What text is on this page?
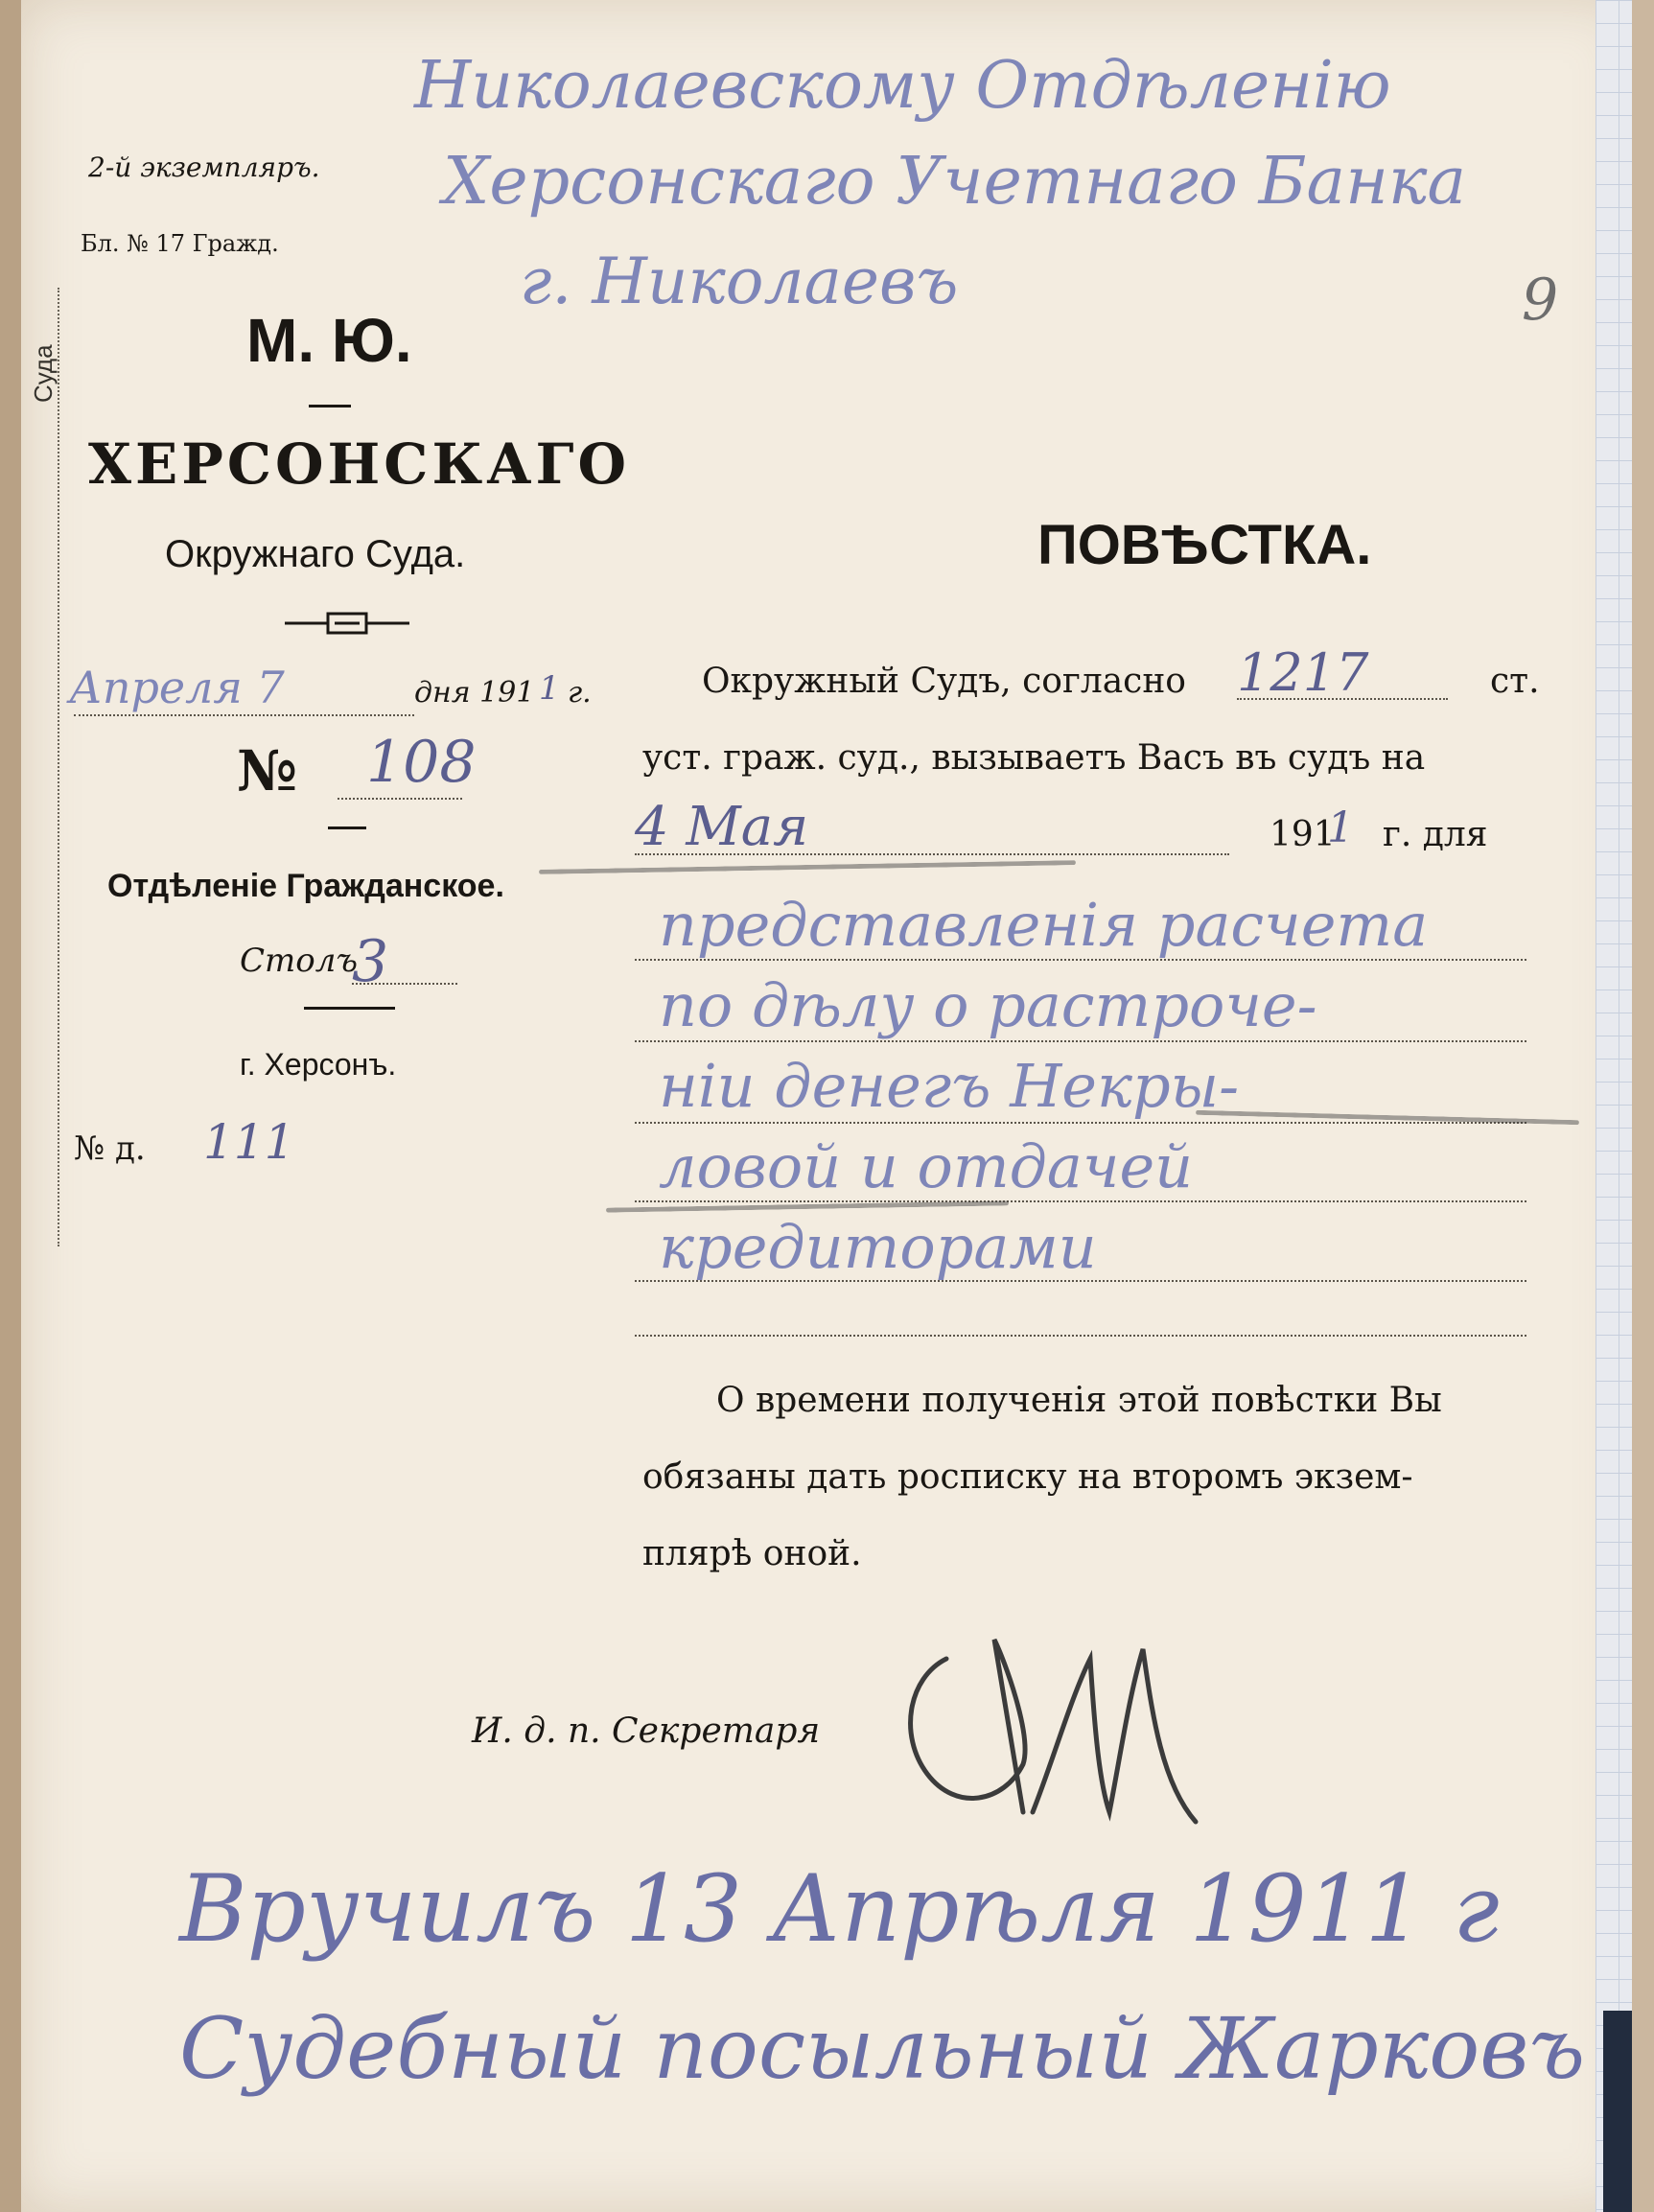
Суда
2-й экземпляръ.
Бл. № 17 Гражд.
М. Ю.
ХЕРСОНСКАГО
Окружнаго Суда.
Апреля 7	дня 191 1 г.
№ 108
Отдѣленіе Гражданское.
Столъ
3
г. Херсонъ.
№ д. 111
Николаевскому Отдѣленію
Херсонскаго Учетнаго Банка
г. Николаевъ	9
ПОВѢСТКА.
Окружный Судъ, согласно 1217	ст.
уст. граж. суд., вызываетъ Васъ въ судъ на
4 Мая	191
1 г. для
представленія расчета
по дѣлу о растроче-
ніи денегъ Некры-
ловой и отдачей
кредиторами
О времени полученія этой повѣстки Вы
обязаны дать росписку на второмъ экзем-
плярѣ оной.
И. д. п. Секретаря
Вручилъ 13 Апрѣля 1911 г
Судебный посыльный Жарковъ
